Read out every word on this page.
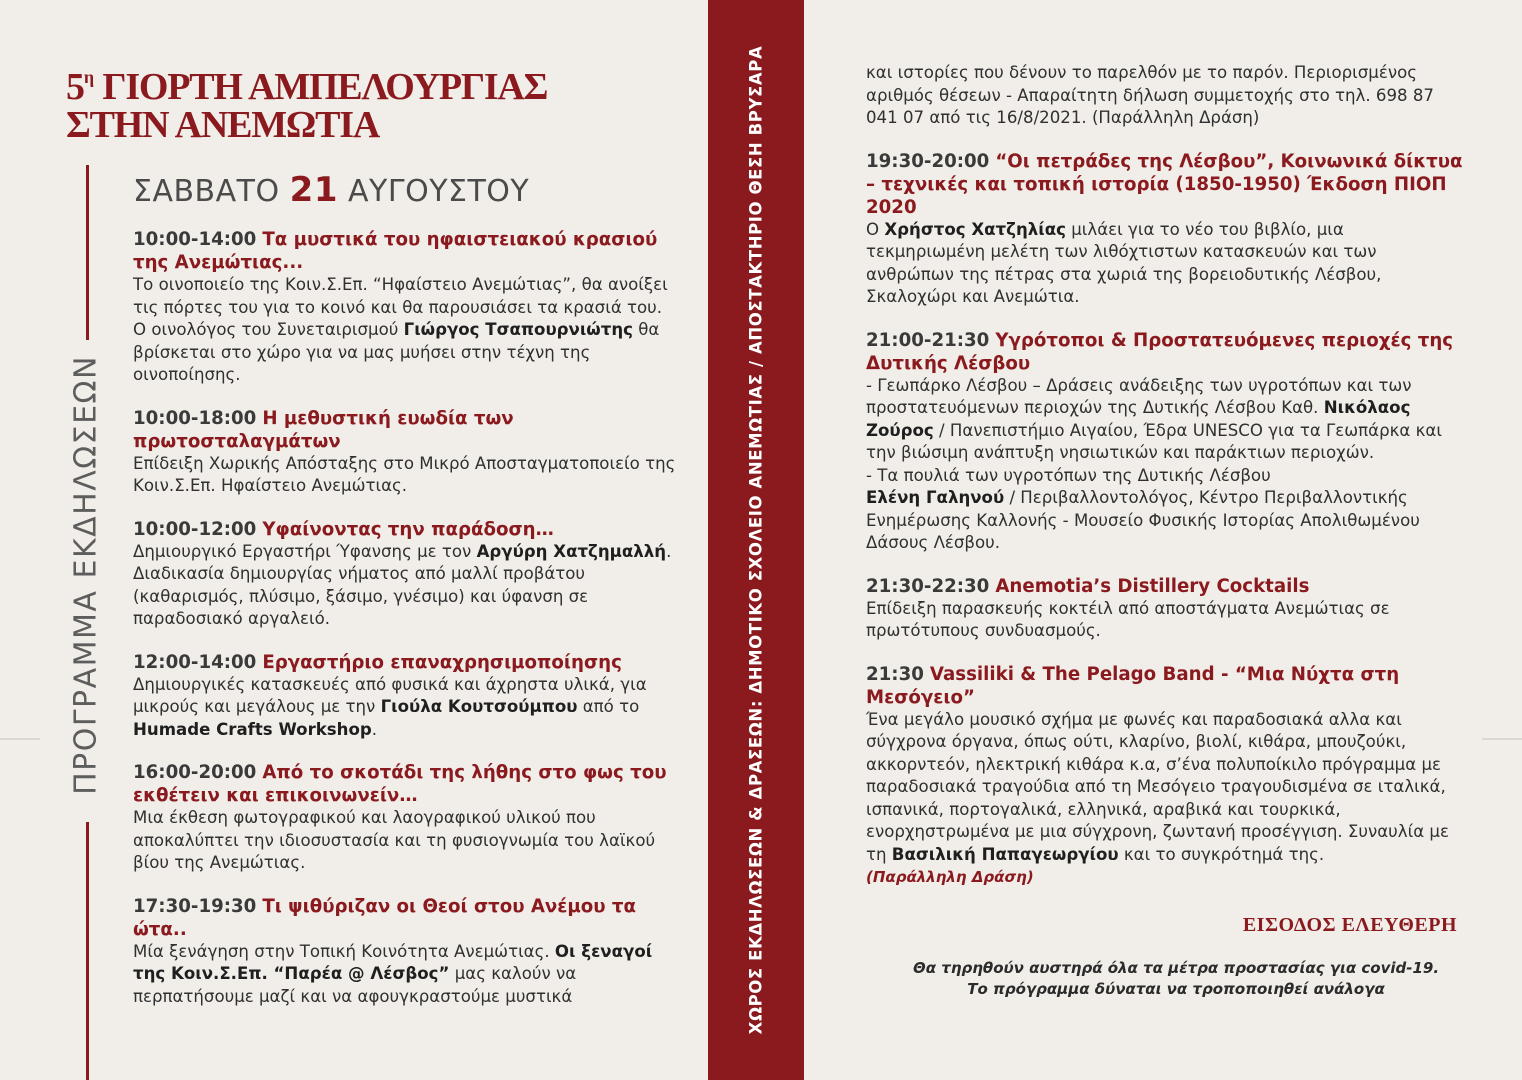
$5^\eta$ ΓΙΟΡΤΗ ΑΜΠΕΛΟΥΡΓΙΑΣ
ΣΤΗΝ ΑΝΕΜΩΤΙΑ
ΠΡΟΓΡΑΜΜΑ ΕΚΔΗΛΩΣΕΩΝ
ΣΑΒΒΑΤΟ 21 ΑΥΓΟΥΣΤΟΥ
10:00-14:00 Τα μυστικά του ηφαιστειακού κρασιού της Ανεμώτιας...
Το οινοποιείο της Κοιν.Σ.Επ. “Ηφαίστειο Ανεμώτιας”, θα ανοίξει τις πόρτες του για το κοινό και θα παρουσιάσει τα κρασιά του. Ο οινολόγος του Συνεταιρισμού Γιώργος Τσαπουρνιώτης θα βρίσκεται στο χώρο για να μας μυήσει στην τέχνη της οινοποίησης.
10:00-18:00 Η μεθυστική ευωδία των πρωτοσταλαγμάτων
Επίδειξη Χωρικής Απόσταξης στο Μικρό Αποσταγματοποιείο της Κοιν.Σ.Επ. Ηφαίστειο Ανεμώτιας.
10:00-12:00 Υφαίνοντας την παράδοση…
Δημιουργικό Εργαστήρι Ύφανσης με τον Αργύρη Χατζημαλλή. Διαδικασία δημιουργίας νήματος από μαλλί προβάτου (καθαρισμός, πλύσιμο, ξάσιμο, γνέσιμο) και ύφανση σε παραδοσιακό αργαλειό.
12:00-14:00 Εργαστήριο επαναχρησιμοποίησης
Δημιουργικές κατασκευές από φυσικά και άχρηστα υλικά, για μικρούς και μεγάλους με την Γιούλα Κουτσούμπου από το Humade Crafts Workshop.
16:00-20:00 Από το σκοτάδι της λήθης στο φως του εκθέτειν και επικοινωνείν…
Μια έκθεση φωτογραφικού και λαογραφικού υλικού που αποκαλύπτει την ιδιοσυστασία και τη φυσιογνωμία του λαϊκού βίου της Ανεμώτιας.
17:30-19:30 Τι ψιθύριζαν οι Θεοί στου Ανέμου τα ώτα..
Μία ξενάγηση στην Τοπική Κοινότητα Ανεμώτιας. Οι ξεναγοί της Κοιν.Σ.Επ. “Παρέα @ Λέσβος” μας καλούν να περπατήσουμε μαζί και να αφουγκραστούμε μυστικά	ΧΩΡΟΣ ΕΚΔΗΛΩΣΕΩΝ & ΔΡΑΣΕΩΝ: ΔΗΜΟΤΙΚΟ ΣΧΟΛΕΙΟ ΑΝΕΜΩΤΙΑΣ / ΑΠΟΣΤΑΚΤΗΡΙΟ ΘΕΣΗ ΒΡΥΣΑΡΑ	και ιστορίες που δένουν το παρελθόν με το παρόν. Περιορισμένος αριθμός θέσεων - Απαραίτητη δήλωση συμμετοχής στο τηλ. 698 87 041 07 από τις 16/8/2021. (Παράλληλη Δράση)
19:30-20:00 “Οι πετράδες της Λέσβου”, Κοινωνικά δίκτυα – τεχνικές και τοπική ιστορία (1850-1950) Έκδοση ΠΙΟΠ 2020
Ο Χρήστος Χατζηλίας μιλάει για το νέο του βιβλίο, μια τεκμηριωμένη μελέτη των λιθόχτιστων κατασκευών και των ανθρώπων της πέτρας στα χωριά της βορειοδυτικής Λέσβου, Σκαλοχώρι και Ανεμώτια.
21:00-21:30 Υγρότοποι & Προστατευόμενες περιοχές της Δυτικής Λέσβου
- Γεωπάρκο Λέσβου – Δράσεις ανάδειξης των υγροτόπων και των προστατευόμενων περιοχών της Δυτικής Λέσβου Καθ. Νικόλαος Ζούρος / Πανεπιστήμιο Αιγαίου, Έδρα UNESCO για τα Γεωπάρκα και την βιώσιμη ανάπτυξη νησιωτικών και παράκτιων περιοχών.
- Τα πουλιά των υγροτόπων της Δυτικής Λέσβου
Ελένη Γαληνού / Περιβαλλοντολόγος, Κέντρο Περιβαλλοντικής Ενημέρωσης Καλλονής - Μουσείο Φυσικής Ιστορίας Απολιθωμένου Δάσους Λέσβου.
21:30-22:30 Anemotia’s Distillery Cocktails
Επίδειξη παρασκευής κοκτέιλ από αποστάγματα Ανεμώτιας σε πρωτότυπους συνδυασμούς.
21:30 Vassiliki & The Pelago Band - “Μια Νύχτα στη Μεσόγειο”
Ένα μεγάλο μουσικό σχήμα με φωνές και παραδοσιακά αλλα και σύγχρονα όργανα, όπως ούτι, κλαρίνο, βιολί, κιθάρα, μπουζούκι, ακκορντεόν, ηλεκτρική κιθάρα κ.α, σ’ένα πολυποίκιλο πρόγραμμα με παραδοσιακά τραγούδια από τη Μεσόγειο τραγουδισμένα σε ιταλικά, ισπανικά, πορτογαλικά, ελληνικά, αραβικά και τουρκικά, ενορχηστρωμένα με μια σύγχρονη, ζωντανή προσέγγιση. Συναυλία με τη Βασιλική Παπαγεωργίου και το συγκρότημά της.
(Παράλληλη Δράση)
ΕΙΣΟΔΟΣ ΕΛΕΥΘΕΡΗ
Θα τηρηθούν αυστηρά όλα τα μέτρα προστασίας για covid-19.
Το πρόγραμμα δύναται να τροποποιηθεί ανάλογα
